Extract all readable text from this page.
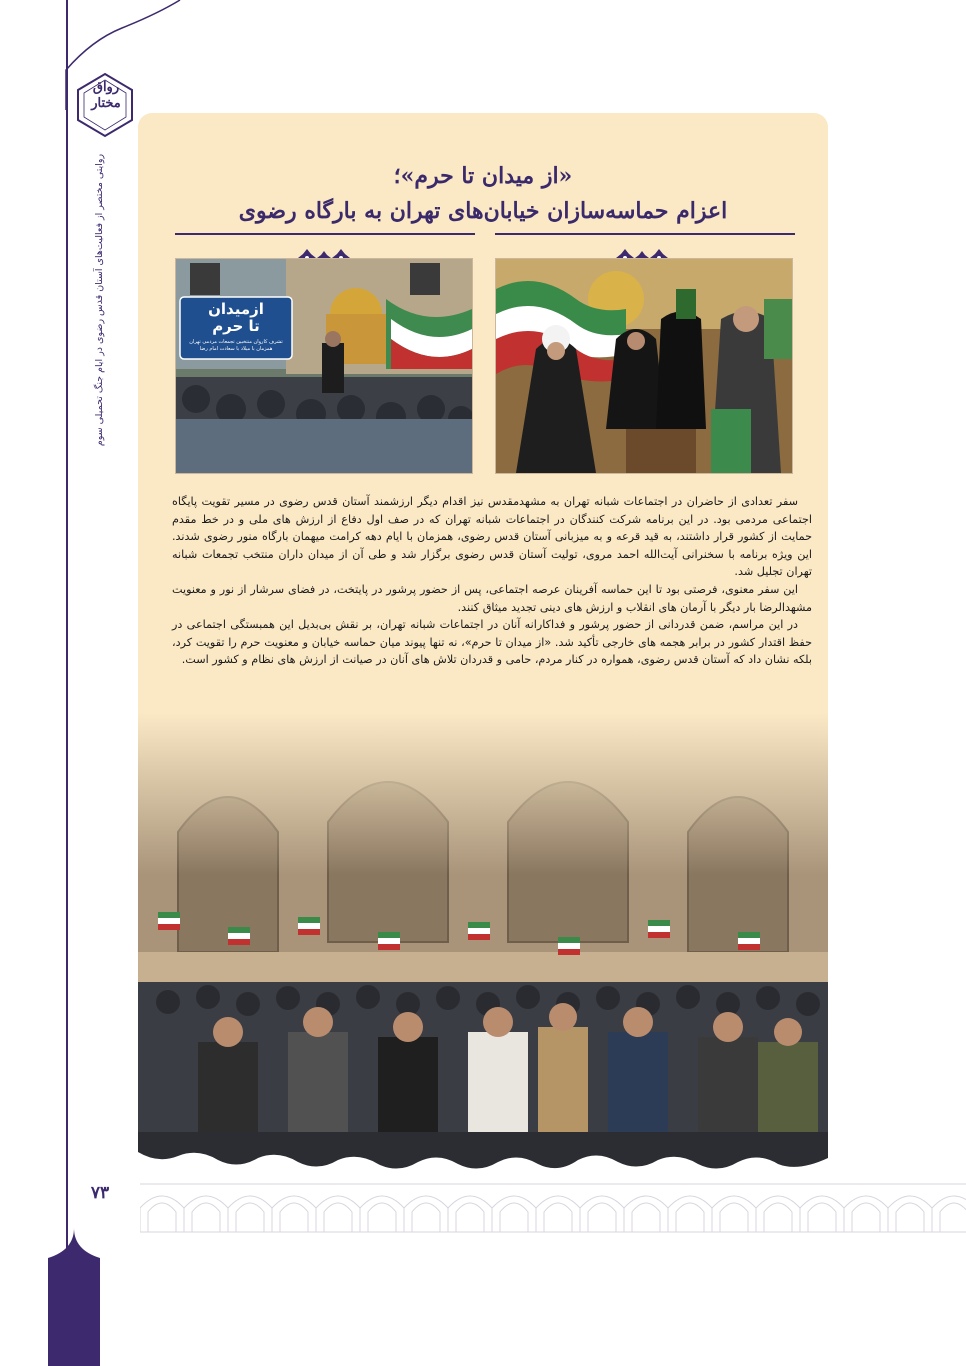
رواق
مختار
روایتی مختصر از فعالیت‌های آستان قدس رضوی در ایام جنگ تحمیلی سوم
۷۳
«از میدان تا حرم»؛
اعزام حماسه‌سازان خیابان‌های تهران به بارگاه رضوی
ازمیدان
تا حرم
تشرف کاروان منتخبین تجمعات مردمی تهران
همزمان با میلاد با سعادت امام رضا

سفر تعدادی از حاضران در اجتماعات شبانه تهران به مشهدمقدس نیز اقدام دیگر ارزشمند آستان قدس رضوی در مسیر تقویت پایگاه اجتماعی مردمی بود. در این برنامه شرکت کنندگان در اجتماعات شبانه تهران که در صف اول دفاع از ارزش های ملی و در خط مقدم حمایت از کشور قرار داشتند، به قید قرعه و به میزبانی آستان قدس رضوی، همزمان با ایام دهه کرامت میهمان بارگاه منور رضوی شدند. این ویژه برنامه با سخنرانی آیت‌الله احمد مروی، تولیت آستان قدس رضوی برگزار شد و طی آن از میدان داران منتخب تجمعات شبانه تهران تجلیل شد.

این سفر معنوی، فرصتی بود تا این حماسه آفرینان عرصه اجتماعی، پس از حضور پرشور در پایتخت، در فضای سرشار از نور و معنویت مشهدالرضا بار دیگر با آرمان های انقلاب و ارزش های دینی تجدید میثاق کنند.

در این مراسم، ضمن قدردانی از حضور پرشور و فداکارانه آنان در اجتماعات شبانه تهران، بر نقش بی‌بدیل این همبستگی اجتماعی در حفظ اقتدار کشور در برابر هجمه های خارجی تأکید شد. «از میدان تا حرم»، نه تنها پیوند میان حماسه خیابان و معنویت حرم را تقویت کرد، بلکه نشان داد که آستان قدس رضوی، همواره در کنار مردم، حامی و قدردان تلاش های آنان در صیانت از ارزش های نظام و کشور است.
